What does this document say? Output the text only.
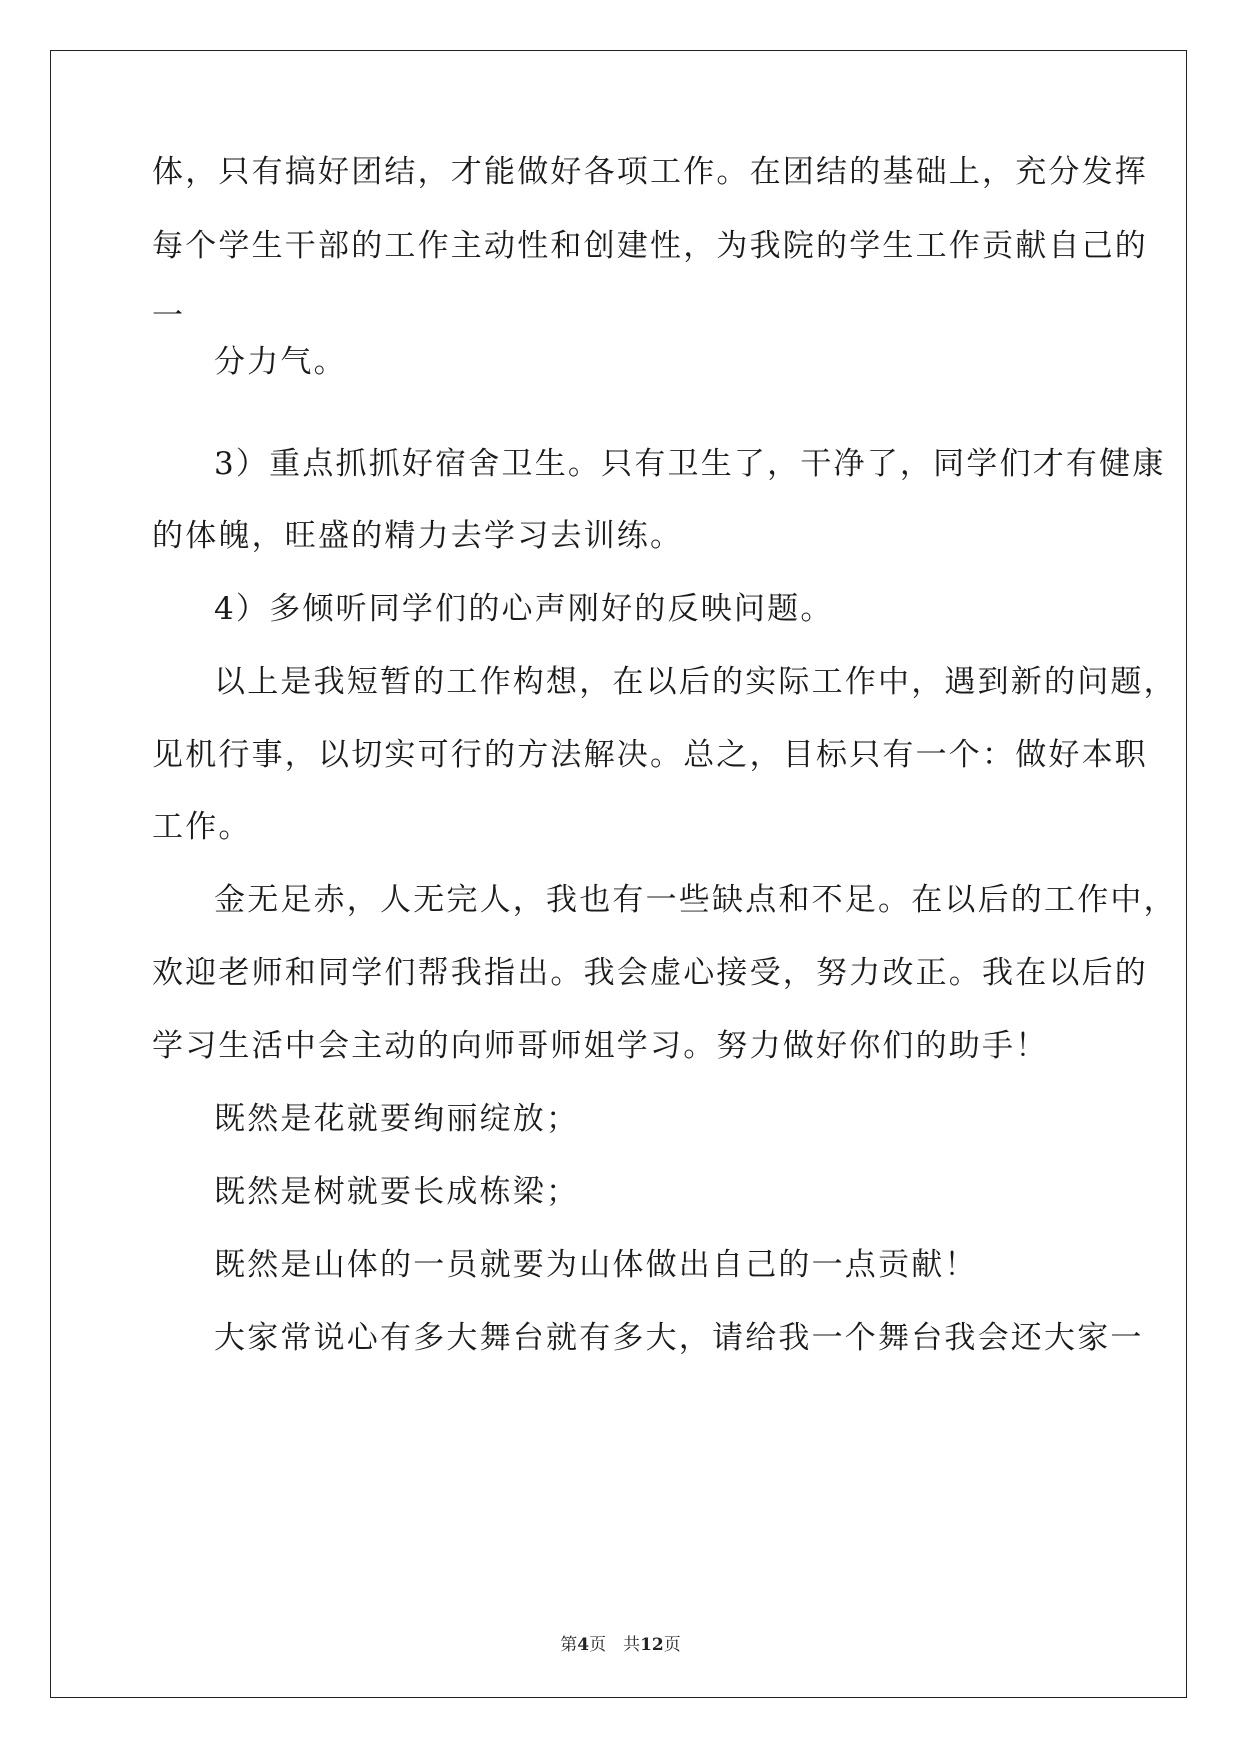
体，只有搞好团结，才能做好各项工作。在团结的基础上，充分发挥
每个学生干部的工作主动性和创建性，为我院的学生工作贡献自己的
一
分力气。
3）重点抓抓好宿舍卫生。只有卫生了，干净了，同学们才有健康
的体魄，旺盛的精力去学习去训练。
4）多倾听同学们的心声刚好的反映问题。
以上是我短暂的工作构想，在以后的实际工作中，遇到新的问题，
见机行事，以切实可行的方法解决。总之，目标只有一个：做好本职
工作。
金无足赤，人无完人，我也有一些缺点和不足。在以后的工作中，
欢迎老师和同学们帮我指出。我会虚心接受，努力改正。我在以后的
学习生活中会主动的向师哥师姐学习。努力做好你们的助手！
既然是花就要绚丽绽放；
既然是树就要长成栋梁；
既然是山体的一员就要为山体做出自己的一点贡献！
大家常说心有多大舞台就有多大，请给我一个舞台我会还大家一
第4页　共12页
